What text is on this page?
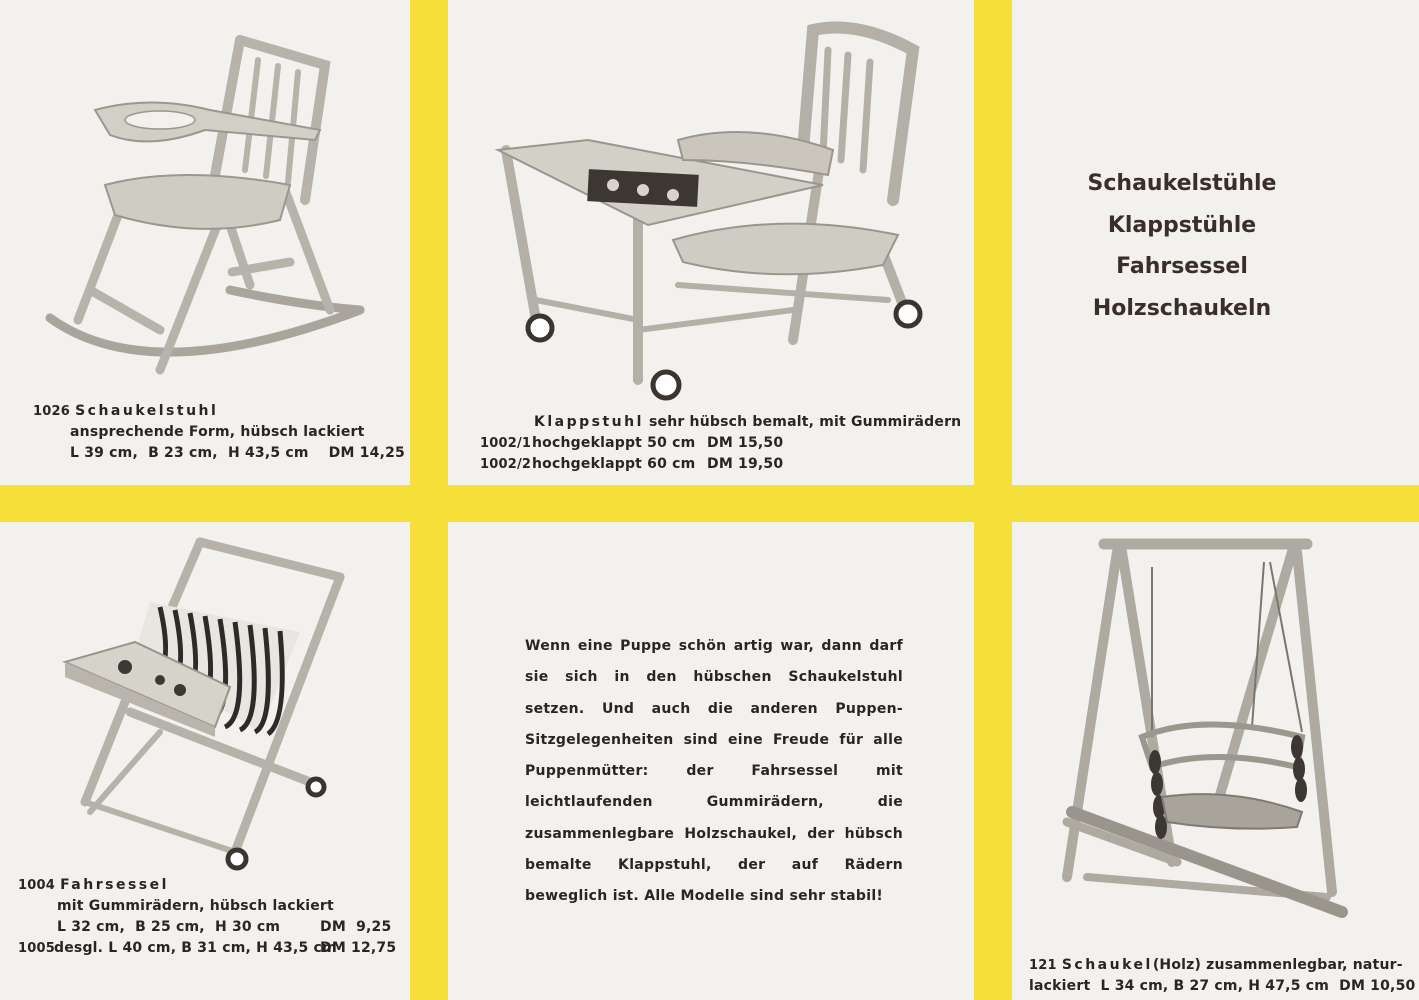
1026 Schaukelstuhl
ansprechende Form, hübsch lackiert
L 39 cm,  B 23 cm,  H 43,5 cm DM 14,25
Klappstuhl sehr hübsch bemalt, mit Gummirädern
1002/1hochgeklappt 50 cm DM 15,50
1002/2hochgeklappt 60 cm DM 19,50
Schaukelstühle
Klappstühle
Fahrsessel
Holzschaukeln
1004 Fahrsessel
mit Gummirädern, hübsch lackiert
L 32 cm,  B 25 cm,  H 30 cm	DM  9,25
1005desgl. L 40 cm, B 31 cm, H 43,5 cmDM 12,75
Wenn eine Puppe schön artig war, dann darf sie sich in den hübschen Schaukelstuhl setzen. Und auch die anderen Puppen-Sitzgelegenheiten sind eine Freude für alle Puppenmütter: der Fahrsessel mit leichtlaufenden Gummirädern, die zusammenlegbare Holzschaukel, der hübsch bemalte Klappstuhl, der auf Rädern beweglich ist. Alle Modelle sind sehr stabil!
121 Schaukel(Holz) zusammenlegbar, natur-
lackiert  L 34 cm, B 27 cm, H 47,5 cm  DM 10,50
